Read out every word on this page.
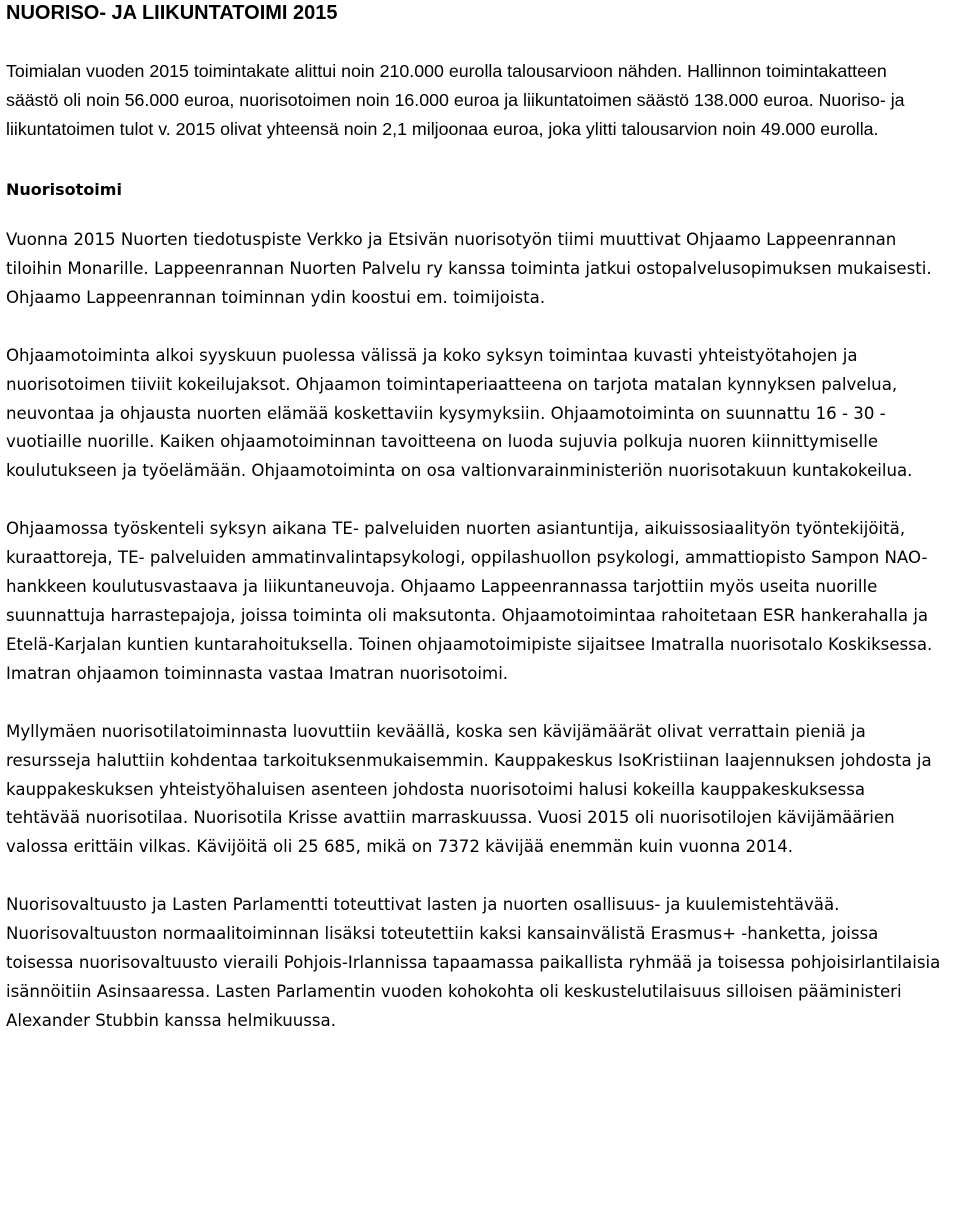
NUORISO- JA LIIKUNTATOIMI 2015

Toimialan vuoden 2015 toimintakate alittui noin 210.000 eurolla talousarvioon nähden. Hallinnon toimintakatteen säästö oli noin 56.000 euroa, nuorisotoimen noin 16.000 euroa ja liikuntatoimen säästö 138.000 euroa. Nuoriso- ja liikuntatoimen tulot v. 2015 olivat yhteensä noin 2,1 miljoonaa euroa, joka ylitti talousarvion noin 49.000 eurolla.

Nuorisotoimi

Vuonna 2015 Nuorten tiedotuspiste Verkko ja Etsivän nuorisotyön tiimi muuttivat Ohjaamo Lappeenrannan tiloihin Monarille. Lappeenrannan Nuorten Palvelu ry kanssa toiminta jatkui ostopalvelusopimuksen mukaisesti. Ohjaamo Lappeenrannan toiminnan ydin koostui em. toimijoista.

Ohjaamotoiminta alkoi syyskuun puolessa välissä ja koko syksyn toimintaa kuvasti yhteistyötahojen ja nuorisotoimen tiiviit kokeilujaksot. Ohjaamon toimintaperiaatteena on tarjota matalan kynnyksen palvelua, neuvontaa ja ohjausta nuorten elämää koskettaviin kysymyksiin. Ohjaamotoiminta on suunnattu 16 - 30 -vuotiaille nuorille. Kaiken ohjaamotoiminnan tavoitteena on luoda sujuvia polkuja nuoren kiinnittymiselle koulutukseen ja työelämään. Ohjaamotoiminta on osa valtionvarainministeriön nuorisotakuun kuntakokeilua.

Ohjaamossa työskenteli syksyn aikana TE- palveluiden nuorten asiantuntija, aikuissosiaalityön työntekijöitä, kuraattoreja, TE- palveluiden ammatinvalintapsykologi, oppilashuollon psykologi, ammattiopisto Sampon NAO-hankkeen koulutusvastaava ja liikuntaneuvoja. Ohjaamo Lappeenrannassa tarjottiin myös useita nuorille suunnattuja harrastepajoja, joissa toiminta oli maksutonta. Ohjaamotoimintaa rahoitetaan ESR hankerahalla ja Etelä-Karjalan kuntien kuntarahoituksella. Toinen ohjaamotoimipiste sijaitsee Imatralla nuorisotalo Koskiksessa. Imatran ohjaamon toiminnasta vastaa Imatran nuorisotoimi.

Myllymäen nuorisotilatoiminnasta luovuttiin keväällä, koska sen kävijämäärät olivat verrattain pieniä ja resursseja haluttiin kohdentaa tarkoituksenmukaisemmin. Kauppakeskus IsoKristiinan laajennuksen johdosta ja kauppakeskuksen yhteistyöhaluisen asenteen johdosta nuorisotoimi halusi kokeilla kauppakeskuksessa tehtävää nuorisotilaa. Nuorisotila Krisse avattiin marraskuussa. Vuosi 2015 oli nuorisotilojen kävijämäärien valossa erittäin vilkas. Kävijöitä oli 25 685, mikä on 7372 kävijää enemmän kuin vuonna 2014.

Nuorisovaltuusto ja Lasten Parlamentti toteuttivat lasten ja nuorten osallisuus- ja kuulemistehtävää. Nuorisovaltuuston normaalitoiminnan lisäksi toteutettiin kaksi kansainvälistä Erasmus+ -hanketta, joissa toisessa nuorisovaltuusto vieraili Pohjois-Irlannissa tapaamassa paikallista ryhmää ja toisessa pohjoisirlantilaisia isännöitiin Asinsaaressa. Lasten Parlamentin vuoden kohokohta oli keskustelutilaisuus silloisen pääministeri Alexander Stubbin kanssa helmikuussa.
